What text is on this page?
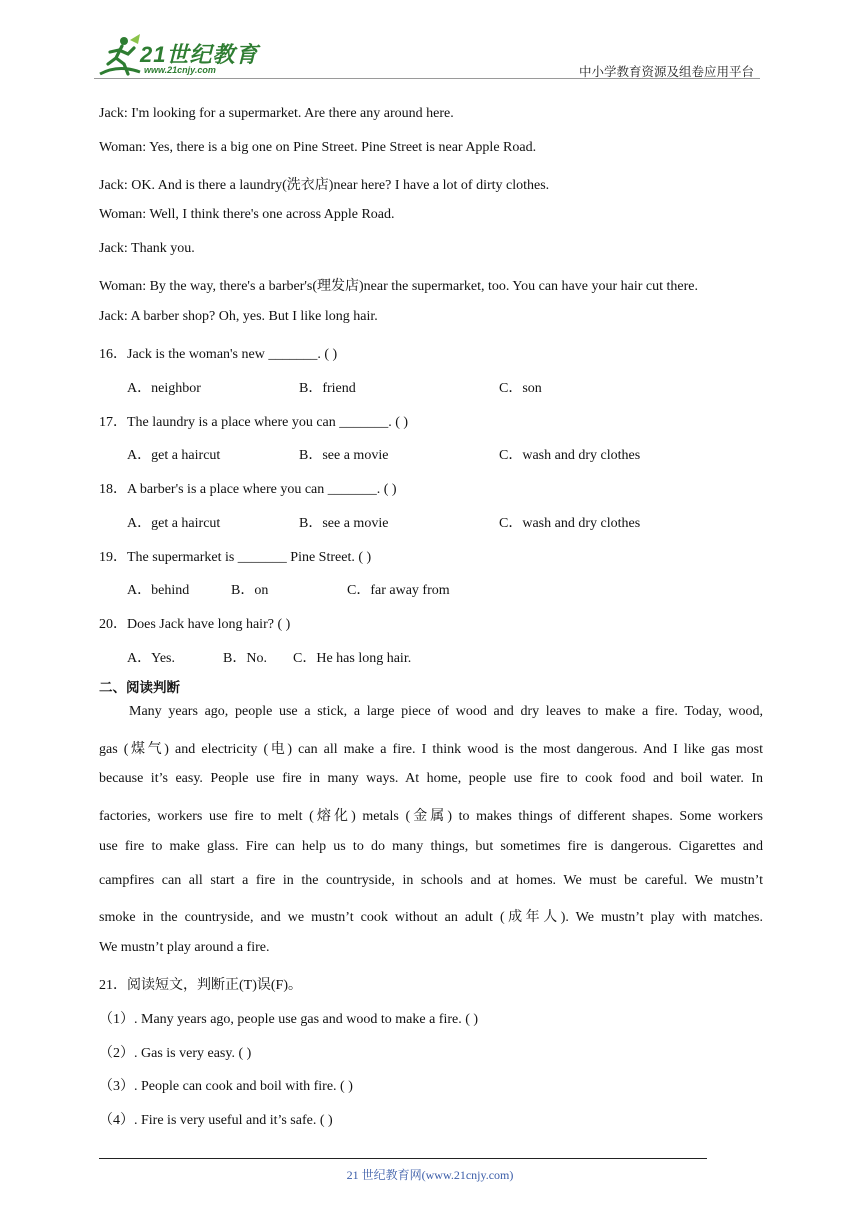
21世纪教育
www.21cnjy.com	中小学教育资源及组卷应用平台
Jack: I'm looking for a supermarket. Are there any around here.
Woman: Yes, there is a big one on Pine Street. Pine Street is near Apple Road.
Jack: OK. And is there a laundry(洗衣店)near here? I have a lot of dirty clothes.
Woman: Well, I think there's one across Apple Road.
Jack: Thank you.
Woman: By the way, there's a barber's(理发店)near the supermarket, too. You can have your hair cut there.
Jack: A barber shop? Oh, yes. But I like long hair.
16．Jack is the woman's new _______. ( )
A．neighbor	B．friend	C．son
17．The laundry is a place where you can _______. ( )
A．get a haircut	B．see a movie	C．wash and dry clothes
18．A barber's is a place where you can _______. ( )
A．get a haircut	B．see a movie	C．wash and dry clothes
19．The supermarket is _______ Pine Street. ( )
A．behind	B．on	C．far away from
20．Does Jack have long hair? ( )
A．Yes.	B．No. C．He has long hair.
二、阅读判断
Many years ago, people use a stick, a large piece of wood and dry leaves to make a fire. Today, wood,
gas (煤气) and electricity (电) can all make a fire. I think wood is the most dangerous. And I like gas most
because it’s easy. People use fire in many ways. At home, people use fire to cook food and boil water. In
factories, workers use fire to melt (熔化) metals (金属) to makes things of different shapes. Some workers
use fire to make glass. Fire can help us to do many things, but sometimes fire is dangerous. Cigarettes and
campfires can all start a fire in the countryside, in schools and at homes. We must be careful. We mustn’t
smoke in the countryside, and we mustn’t cook without an adult (成年人). We mustn’t play with matches.
We mustn’t play around a fire.
21．阅读短文，判断正(T)误(F)。
（1）. Many years ago, people use gas and wood to make a fire. ( )
（2）. Gas is very easy. ( )
（3）. People can cook and boil with fire. ( )
（4）. Fire is very useful and it’s safe. ( )
21 世纪教育网(www.21cnjy.com)
